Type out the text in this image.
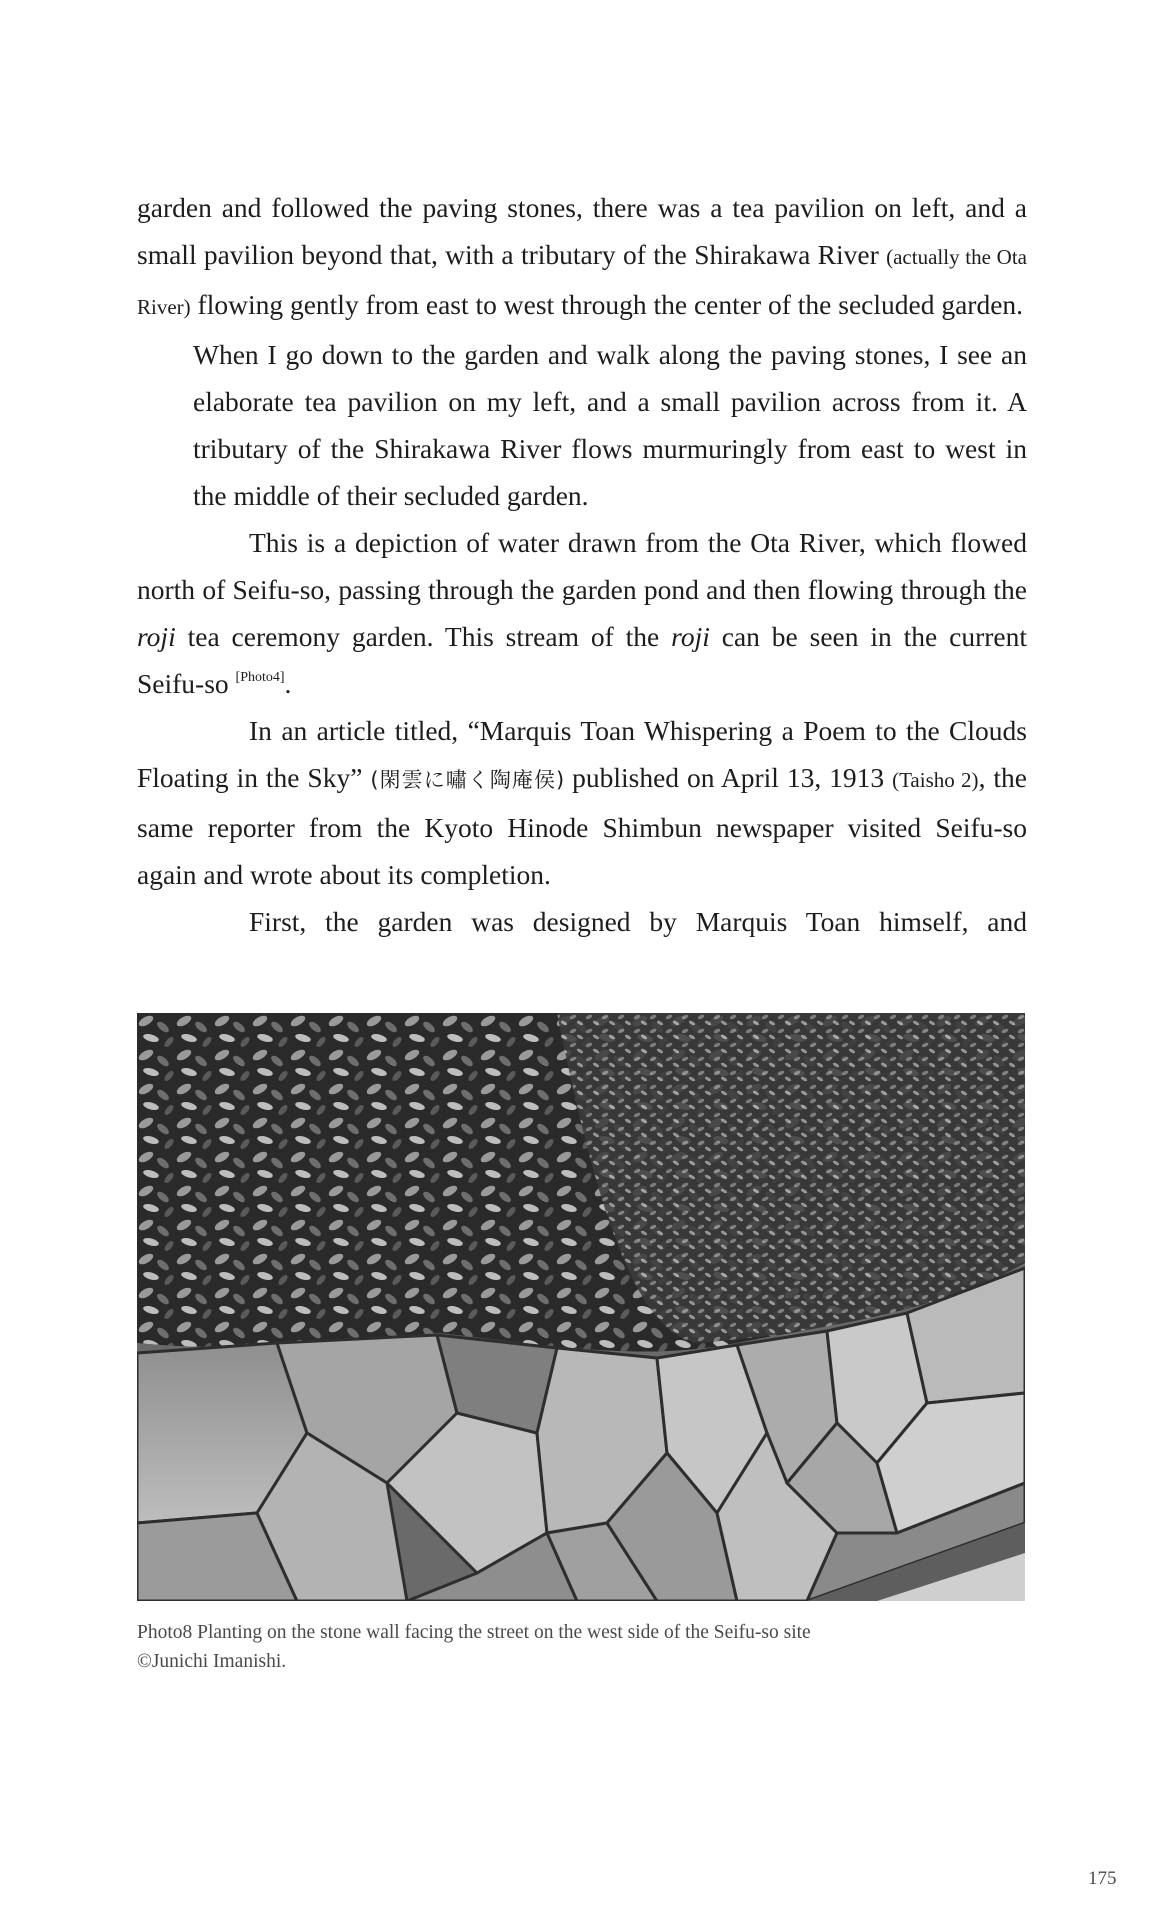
garden and followed the paving stones, there was a tea pavilion on left, and a small pavilion beyond that, with a tributary of the Shirakawa River (actually the Ota River) flowing gently from east to west through the center of the secluded garden.

When I go down to the garden and walk along the paving stones, I see an elaborate tea pavilion on my left, and a small pavilion across from it. A tributary of the Shirakawa River flows murmuringly from east to west in the middle of their secluded garden.

This is a depiction of water drawn from the Ota River, which flowed north of Seifu-so, passing through the garden pond and then flowing through the roji tea ceremony garden. This stream of the roji can be seen in the current Seifu-so [Photo4].

In an article titled, “Marquis Toan Whispering a Poem to the Clouds Floating in the Sky” (閑雲に嘯く陶庵侯) published on April 13, 1913 (Taisho 2), the same reporter from the Kyoto Hinode Shimbun newspaper visited Seifu-so again and wrote about its completion.

First, the garden was designed by Marquis Toan himself, and

Photo8 Planting on the stone wall facing the street on the west side of the Seifu-so site
©Junichi Imanishi.
175
